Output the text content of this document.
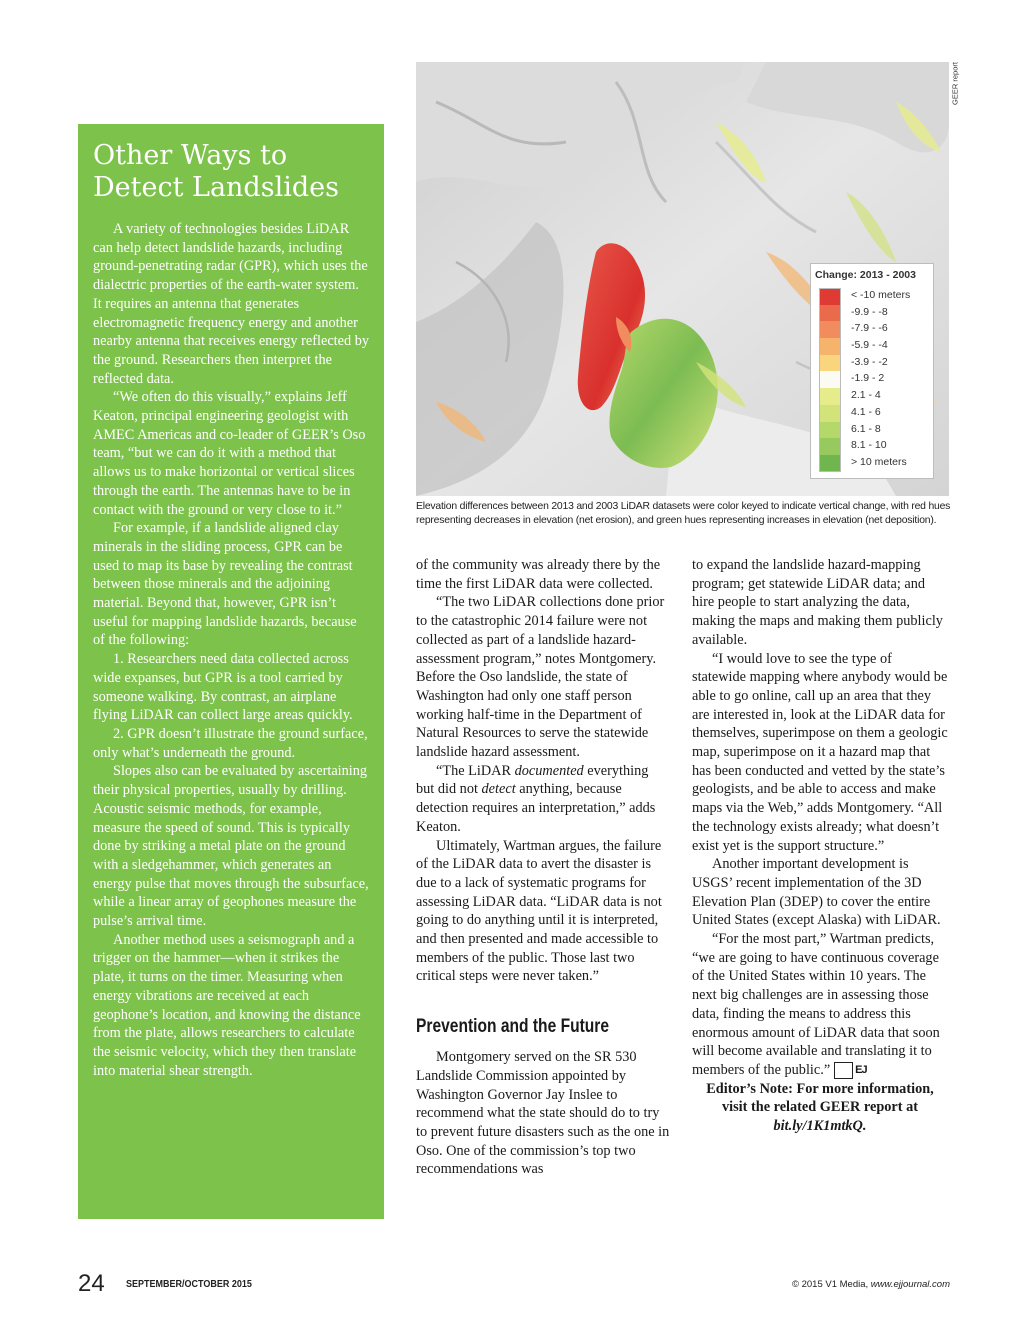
Other Ways to Detect Landslides

A variety of technologies besides LiDAR can help detect landslide hazards, including ground-penetrating radar (GPR), which uses the dialectric properties of the earth-water system. It requires an antenna that generates electromagnetic frequency energy and another nearby antenna that receives energy reflected by the ground. Researchers then interpret the reflected data.

“We often do this visually,” explains Jeff Keaton, principal engineering geologist with AMEC Americas and co-leader of GEER’s Oso team, “but we can do it with a method that allows us to make horizontal or vertical slices through the earth. The antennas have to be in contact with the ground or very close to it.”

For example, if a landslide aligned clay minerals in the sliding process, GPR can be used to map its base by revealing the contrast between those minerals and the adjoining material. Beyond that, however, GPR isn’t useful for mapping landslide hazards, because of the following:

1. Researchers need data collected across wide expanses, but GPR is a tool carried by someone walking. By contrast, an airplane flying LiDAR can collect large areas quickly.

2. GPR doesn’t illustrate the ground surface, only what’s underneath the ground.

Slopes also can be evaluated by ascertaining their physical properties, usually by drilling. Acoustic seismic methods, for example, measure the speed of sound. This is typically done by striking a metal plate on the ground with a sledgehammer, which generates an energy pulse that moves through the subsurface, while a linear array of geophones measure the pulse’s arrival time.

Another method uses a seismograph and a trigger on the hammer—when it strikes the plate, it turns on the timer. Measuring when energy vibrations are received at each geophone’s location, and knowing the distance from the plate, allows researchers to calculate the seismic velocity, which they then translate into material shear strength.

Change: 2013 - 2003
< -10 meters
-9.9 - -8
-7.9 - -6
-5.9 - -4
-3.9 - -2
-1.9 - 2
2.1 - 4
4.1 - 6
6.1 - 8
8.1 - 10
> 10 meters
GEER report
Elevation differences between 2013 and 2003 LiDAR datasets were color keyed to indicate vertical change, with red hues representing decreases in elevation (net erosion), and green hues representing increases in elevation (net deposition).

of the community was already there by the time the first LiDAR data were collected.

“The two LiDAR collections done prior to the catastrophic 2014 failure were not collected as part of a landslide hazard-assessment program,” notes Montgomery. Before the Oso landslide, the state of Washington had only one staff person working half-time in the Department of Natural Resources to serve the statewide landslide hazard assessment.

“The LiDAR documented everything but did not detect anything, because detection requires an interpretation,” adds Keaton.

Ultimately, Wartman argues, the failure of the LiDAR data to avert the disaster is due to a lack of systematic programs for assessing LiDAR data. “LiDAR data is not going to do anything until it is interpreted, and then presented and made accessible to members of the public. Those last two critical steps were never taken.”

Prevention and the Future

Montgomery served on the SR 530 Landslide Commission appointed by Washington Governor Jay Inslee to recommend what the state should do to try to prevent future disasters such as the one in Oso. One of the commission’s top two recommendations was

to expand the landslide hazard-mapping program; get statewide LiDAR data; and hire people to start analyzing the data, making the maps and making them publicly available.

“I would love to see the type of statewide mapping where anybody would be able to go online, call up an area that they are interested in, look at the LiDAR data for themselves, superimpose on them a geologic map, superimpose on it a hazard map that has been conducted and vetted by the state’s geologists, and be able to access and make maps via the Web,” adds Montgomery. “All the technology exists already; what doesn’t exist yet is the support structure.”

Another important development is USGS’ recent implementation of the 3D Elevation Plan (3DEP) to cover the entire United States (except Alaska) with LiDAR.

“For the most part,” Wartman predicts, “we are going to have continuous coverage of the United States within 10 years. The next big challenges are in assessing those data, finding the means to address this enormous amount of LiDAR data that soon will become available and translating it to members of the public.” EJ

Editor’s Note: For more information, visit the related GEER report at bit.ly/1K1mtkQ.

24 SEPTEMBER/OCTOBER 2015	© 2015 V1 Media, www.ejjournal.com
